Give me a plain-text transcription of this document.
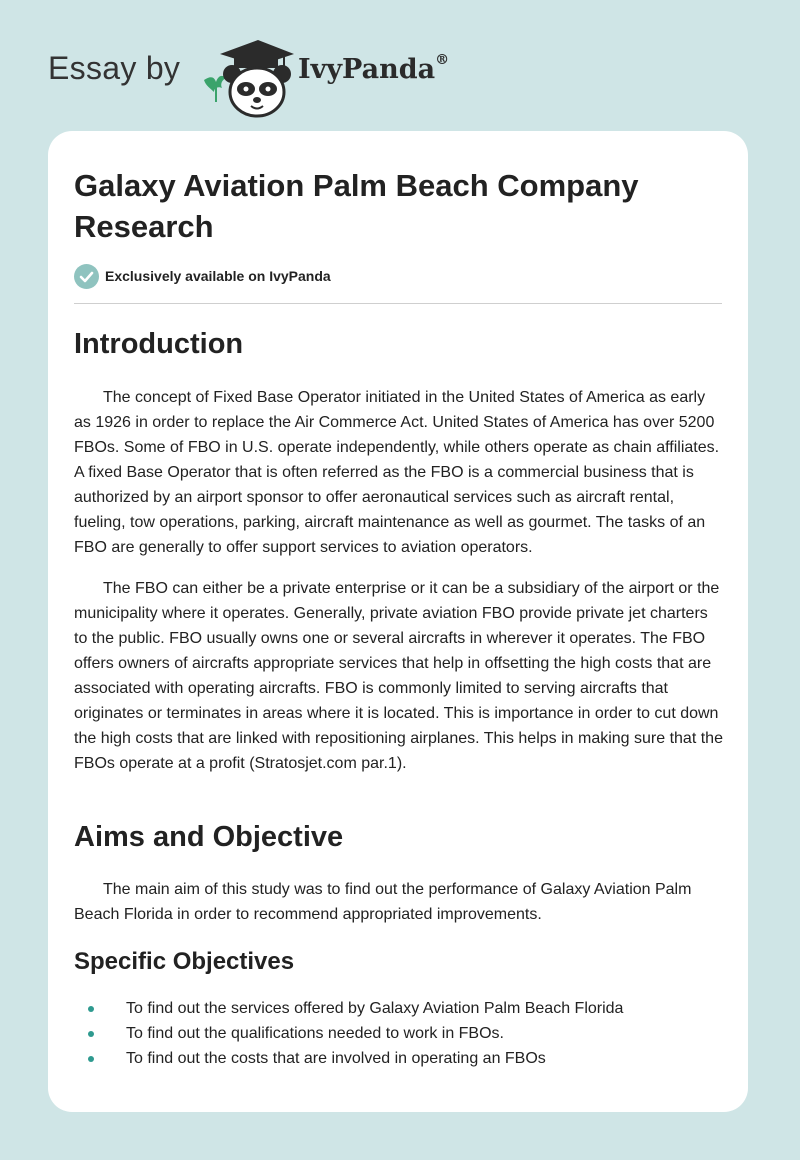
Essay by	IvyPanda®
Galaxy Aviation Palm Beach Company Research
Exclusively available on IvyPanda
Introduction

The concept of Fixed Base Operator initiated in the United States of America as early as 1926 in order to replace the Air Commerce Act. United States of America has over 5200 FBOs. Some of FBO in U.S. operate independently, while others operate as chain affiliates. A fixed Base Operator that is often referred as the FBO is a commercial business that is authorized by an airport sponsor to offer aeronautical services such as aircraft rental, fueling, tow operations, parking, aircraft maintenance as well as gourmet. The tasks of an FBO are generally to offer support services to aviation operators.

The FBO can either be a private enterprise or it can be a subsidiary of the airport or the municipality where it operates. Generally, private aviation FBO provide private jet charters to the public. FBO usually owns one or several aircrafts in wherever it operates. The FBO offers owners of aircrafts appropriate services that help in offsetting the high costs that are associated with operating aircrafts. FBO is commonly limited to serving aircrafts that originates or terminates in areas where it is located. This is importance in order to cut down the high costs that are linked with repositioning airplanes. This helps in making sure that the FBOs operate at a profit (Stratosjet.com par.1).

Aims and Objective

The main aim of this study was to find out the performance of Galaxy Aviation Palm Beach Florida in order to recommend appropriated improvements.

Specific Objectives
To find out the services offered by Galaxy Aviation Palm Beach Florida
To find out the qualifications needed to work in FBOs.
To find out the costs that are involved in operating an FBOs
